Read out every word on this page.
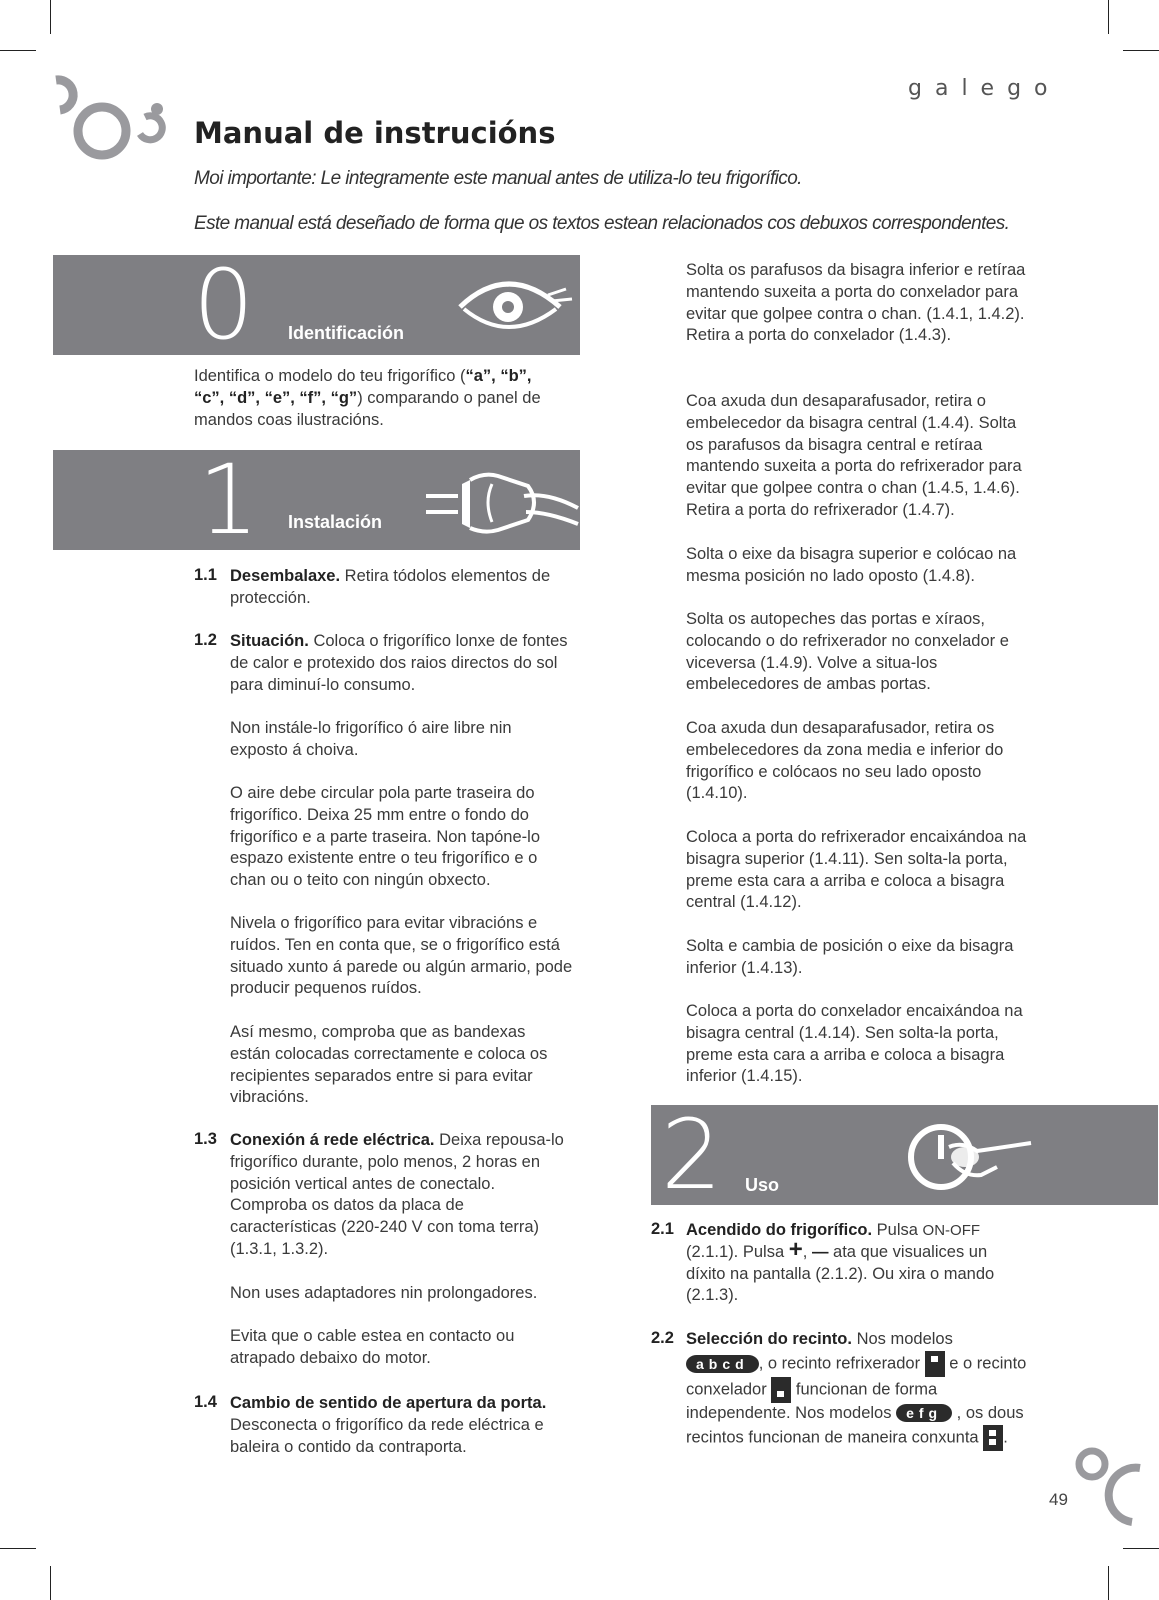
galego
Manual de instrucións
Moi importante: Le integramente este manual antes de utiliza-lo teu frigorífico.
Este manual está deseñado de forma que os textos estean relacionados cos debuxos correspondentes.
0 Identificación
Identifica o modelo do teu frigorífico (“a”, “b”,
“c”, “d”, “e”, “f”, “g”) comparando o panel de
mandos coas ilustracións.
1 Instalación
1.1 Desembalaxe. Retira tódolos elementos de protección.
1.2 Situación. Coloca o frigorífico lonxe de fontes de calor e protexido dos raios directos do sol para diminuí-lo consumo.
Non instále-lo frigorífico ó aire libre nin exposto á choiva.
O aire debe circular pola parte traseira do frigorífico. Deixa 25 mm entre o fondo do frigorífico e a parte traseira. Non tapóne-lo espazo existente entre o teu frigorífico e o chan ou o teito con ningún obxecto.
Nivela o frigorífico para evitar vibracións e ruídos. Ten en conta que, se o frigorífico está situado xunto á parede ou algún armario, pode producir pequenos ruídos.
Así mesmo, comproba que as bandexas están colocadas correctamente e coloca os recipientes separados entre si para evitar vibracións.
1.3 Conexión á rede eléctrica. Deixa repousa-lo frigorífico durante, polo menos, 2 horas en posición vertical antes de conectalo. Comproba os datos da placa de características (220-240 V con toma terra) (1.3.1, 1.3.2).
Non uses adaptadores nin prolongadores.
Evita que o cable estea en contacto ou atrapado debaixo do motor.
1.4 Cambio de sentido de apertura da porta.
Desconecta o frigorífico da rede eléctrica e baleira o contido da contraporta.
Solta os parafusos da bisagra inferior e retíraa mantendo suxeita a porta do conxelador para evitar que golpee contra o chan. (1.4.1, 1.4.2). Retira a porta do conxelador (1.4.3).
Coa axuda dun desaparafusador, retira o embelecedor da bisagra central (1.4.4). Solta os parafusos da bisagra central e retíraa mantendo suxeita a porta do refrixerador para evitar que golpee contra o chan (1.4.5, 1.4.6). Retira a porta do refrixerador (1.4.7).
Solta o eixe da bisagra superior e colócao na mesma posición no lado oposto (1.4.8).
Solta os autopeches das portas e xíraos, colocando o do refrixerador no conxelador e viceversa (1.4.9). Volve a situa-los embelecedores de ambas portas.
Coa axuda dun desaparafusador, retira os embelecedores da zona media e inferior do frigorífico e colócaos no seu lado oposto (1.4.10).
Coloca a porta do refrixerador encaixándoa na bisagra superior (1.4.11). Sen solta-la porta, preme esta cara a arriba e coloca a bisagra central (1.4.12).
Solta e cambia de posición o eixe da bisagra inferior (1.4.13).
Coloca a porta do conxelador encaixándoa na bisagra central (1.4.14). Sen solta-la porta, preme esta cara a arriba e coloca a bisagra inferior (1.4.15).
2 Uso
2.1 Acendido do frigorífico. Pulsa ON-OFF
(2.1.1). Pulsa +, — ata que visualices un díxito na pantalla (2.1.2). Ou xira o mando (2.1.3).
2.2 Selección do recinto. Nos modelos
abcd , o recinto refrixerador e o recinto conxelador funcionan de forma independente. Nos modelos efg , os dous recintos funcionan de maneira conxunta .
49
